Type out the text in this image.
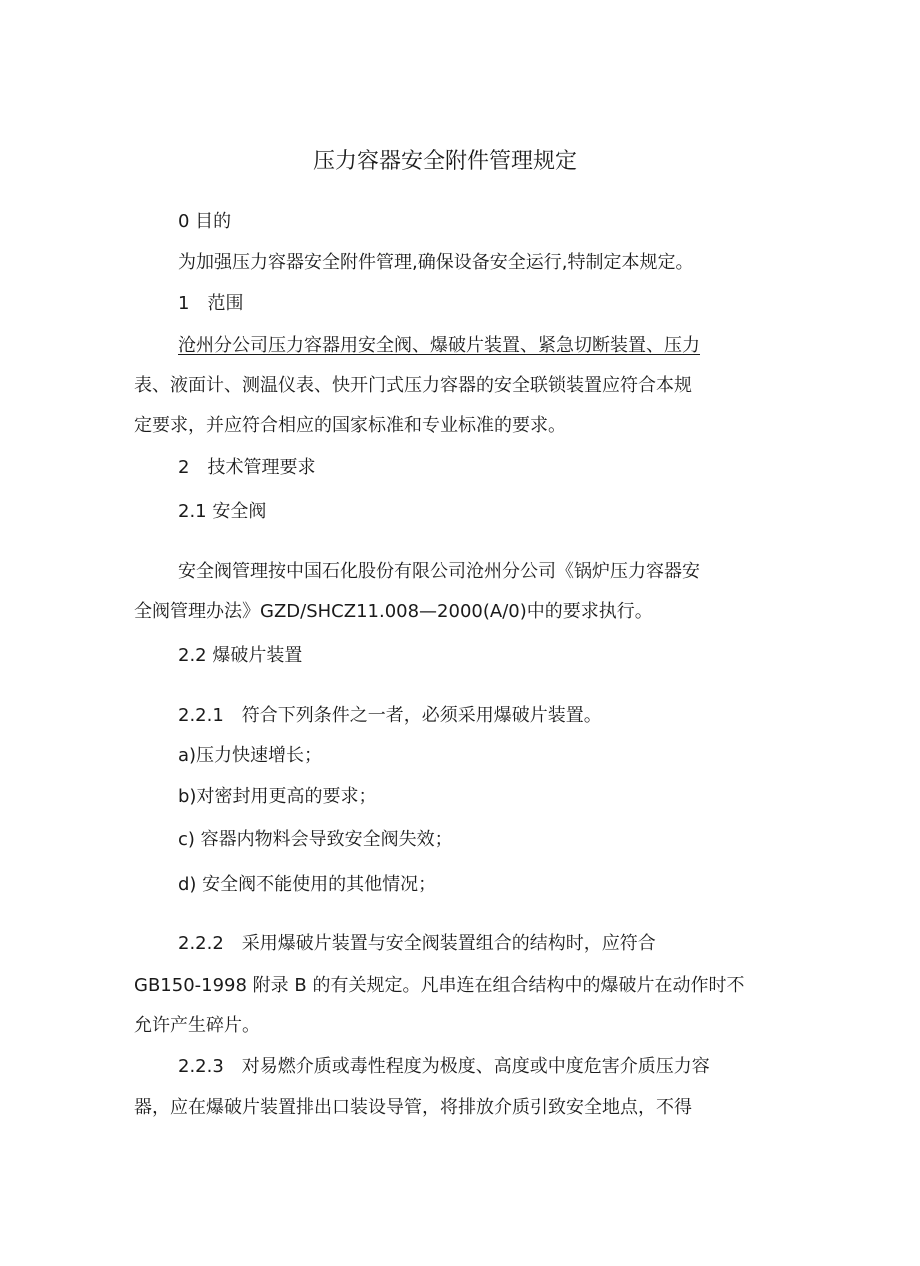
压力容器安全附件管理规定
0 目的
为加强压力容器安全附件管理,确保设备安全运行,特制定本规定。
1　范围
沧州分公司压力容器用安全阀、爆破片装置、紧急切断装置、压力
表、液面计、测温仪表、快开门式压力容器的安全联锁装置应符合本规
定要求，并应符合相应的国家标准和专业标准的要求。
2　技术管理要求
2.1 安全阀
安全阀管理按中国石化股份有限公司沧州分公司《锅炉压力容器安
全阀管理办法》GZD/SHCZ11.008—2000(A/0)中的要求执行。
2.2 爆破片装置
2.2.1　符合下列条件之一者，必须采用爆破片装置。
a)压力快速增长；
b)对密封用更高的要求；
c) 容器内物料会导致安全阀失效；
d) 安全阀不能使用的其他情况；
2.2.2　采用爆破片装置与安全阀装置组合的结构时，应符合
GB150-1998 附录 B 的有关规定。凡串连在组合结构中的爆破片在动作时不
允许产生碎片。
2.2.3　对易燃介质或毒性程度为极度、高度或中度危害介质压力容
器，应在爆破片装置排出口装设导管，将排放介质引致安全地点，不得
